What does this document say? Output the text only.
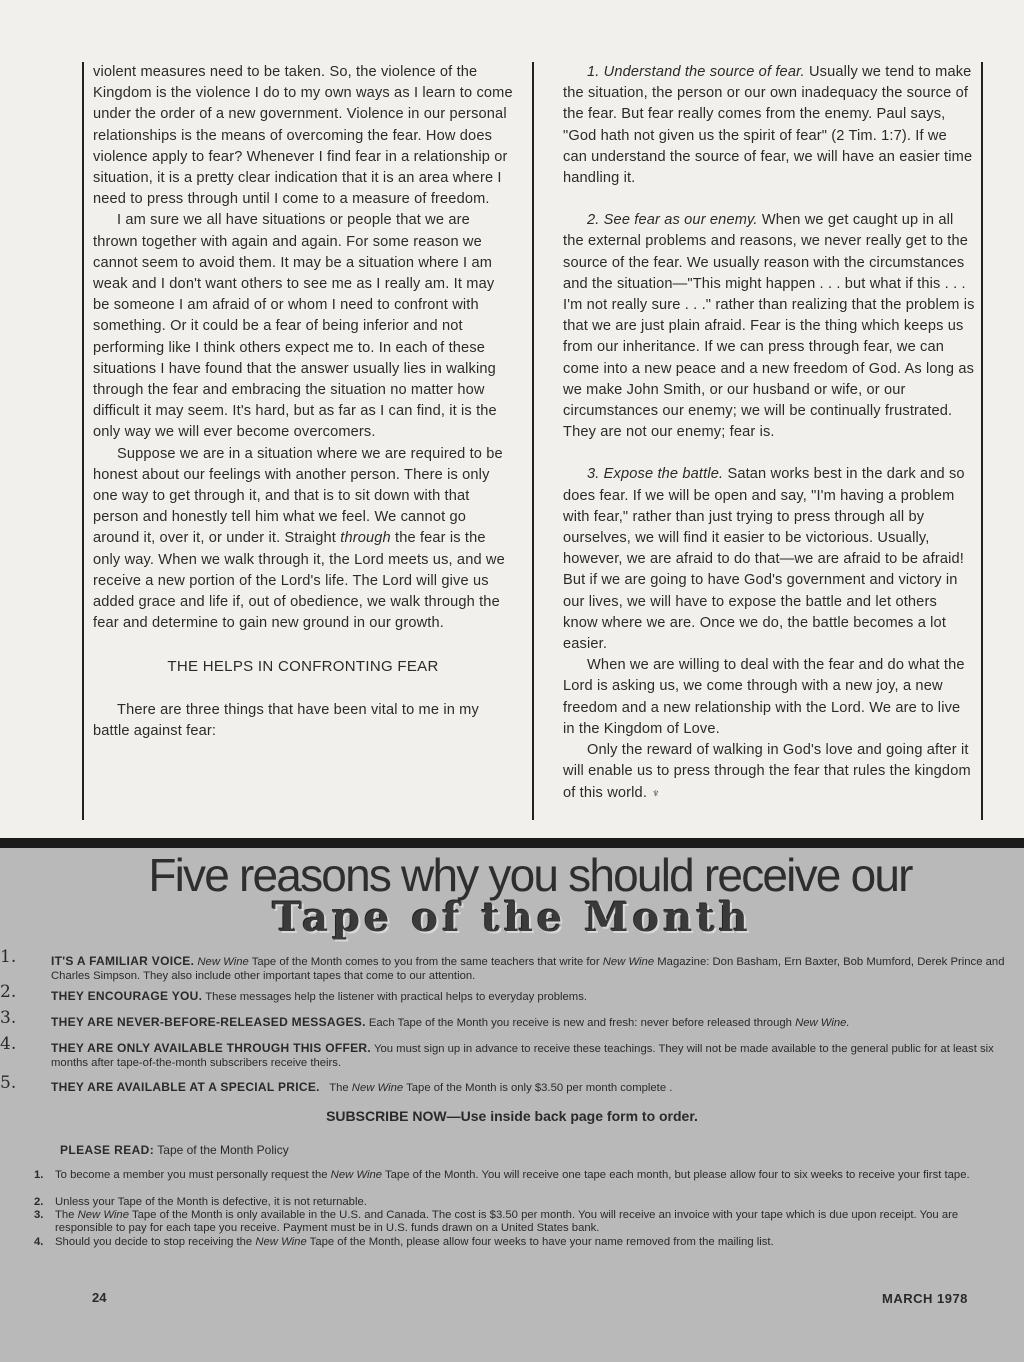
violent measures need to be taken. So, the violence of the Kingdom is the violence I do to my own ways as I learn to come under the order of a new government. Violence in our personal relationships is the means of overcoming the fear. How does violence apply to fear? Whenever I find fear in a relationship or situation, it is a pretty clear indication that it is an area where I need to press through until I come to a measure of freedom.

I am sure we all have situations or people that we are thrown together with again and again. For some reason we cannot seem to avoid them. It may be a situation where I am weak and I don't want others to see me as I really am. It may be someone I am afraid of or whom I need to confront with something. Or it could be a fear of being inferior and not performing like I think others expect me to. In each of these situations I have found that the answer usually lies in walking through the fear and embracing the situation no matter how difficult it may seem. It's hard, but as far as I can find, it is the only way we will ever become overcomers.

Suppose we are in a situation where we are required to be honest about our feelings with another person. There is only one way to get through it, and that is to sit down with that person and honestly tell him what we feel. We cannot go around it, over it, or under it. Straight through the fear is the only way. When we walk through it, the Lord meets us, and we receive a new portion of the Lord's life. The Lord will give us added grace and life if, out of obedience, we walk through the fear and determine to gain new ground in our growth.

THE HELPS IN CONFRONTING FEAR

There are three things that have been vital to me in my battle against fear:

1. Understand the source of fear. Usually we tend to make the situation, the person or our own inadequacy the source of the fear. But fear really comes from the enemy. Paul says, "God hath not given us the spirit of fear" (2 Tim. 1:7). If we can understand the source of fear, we will have an easier time handling it.

2. See fear as our enemy. When we get caught up in all the external problems and reasons, we never really get to the source of the fear. We usually reason with the circumstances and the situation—"This might happen . . . but what if this . . . I'm not really sure . . ." rather than realizing that the problem is that we are just plain afraid. Fear is the thing which keeps us from our inheritance. If we can press through fear, we can come into a new peace and a new freedom of God. As long as we make John Smith, or our husband or wife, or our circumstances our enemy; we will be continually frustrated. They are not our enemy; fear is.

3. Expose the battle. Satan works best in the dark and so does fear. If we will be open and say, "I'm having a problem with fear," rather than just trying to press through all by ourselves, we will find it easier to be victorious. Usually, however, we are afraid to do that—we are afraid to be afraid! But if we are going to have God's government and victory in our lives, we will have to expose the battle and let others know where we are. Once we do, the battle becomes a lot easier.

When we are willing to deal with the fear and do what the Lord is asking us, we come through with a new joy, a new freedom and a new relationship with the Lord. We are to live in the Kingdom of Love.

Only the reward of walking in God's love and going after it will enable us to press through the fear that rules the kingdom of this world. ♆

Five reasons why you should receive our
Tape of the Month
1.	IT'S A FAMILIAR VOICE. New Wine Tape of the Month comes to you from the same teachers that write for New Wine Magazine: Don Basham, Ern Baxter, Bob Mumford, Derek Prince and Charles Simpson. They also include other important tapes that come to our attention.
2.	THEY ENCOURAGE YOU. These messages help the listener with practical helps to everyday problems.
3.	THEY ARE NEVER-BEFORE-RELEASED MESSAGES. Each Tape of the Month you receive is new and fresh: never before released through New Wine.
4.	THEY ARE ONLY AVAILABLE THROUGH THIS OFFER. You must sign up in advance to receive these teachings. They will not be made available to the general public for at least six months after tape-of-the-month subscribers receive theirs.
5.	THEY ARE AVAILABLE AT A SPECIAL PRICE. The New Wine Tape of the Month is only $3.50 per month complete .
SUBSCRIBE NOW—Use inside back page form to order.
PLEASE READ: Tape of the Month Policy
1. To become a member you must personally request the New Wine Tape of the Month. You will receive one tape each month, but please allow four to six weeks to receive your first tape.
2. Unless your Tape of the Month is defective, it is not returnable.
3. The New Wine Tape of the Month is only available in the U.S. and Canada. The cost is $3.50 per month. You will receive an invoice with your tape which is due upon receipt. You are responsible to pay for each tape you receive. Payment must be in U.S. funds drawn on a United States bank.
4. Should you decide to stop receiving the New Wine Tape of the Month, please allow four weeks to have your name removed from the mailing list.
24	MARCH 1978
